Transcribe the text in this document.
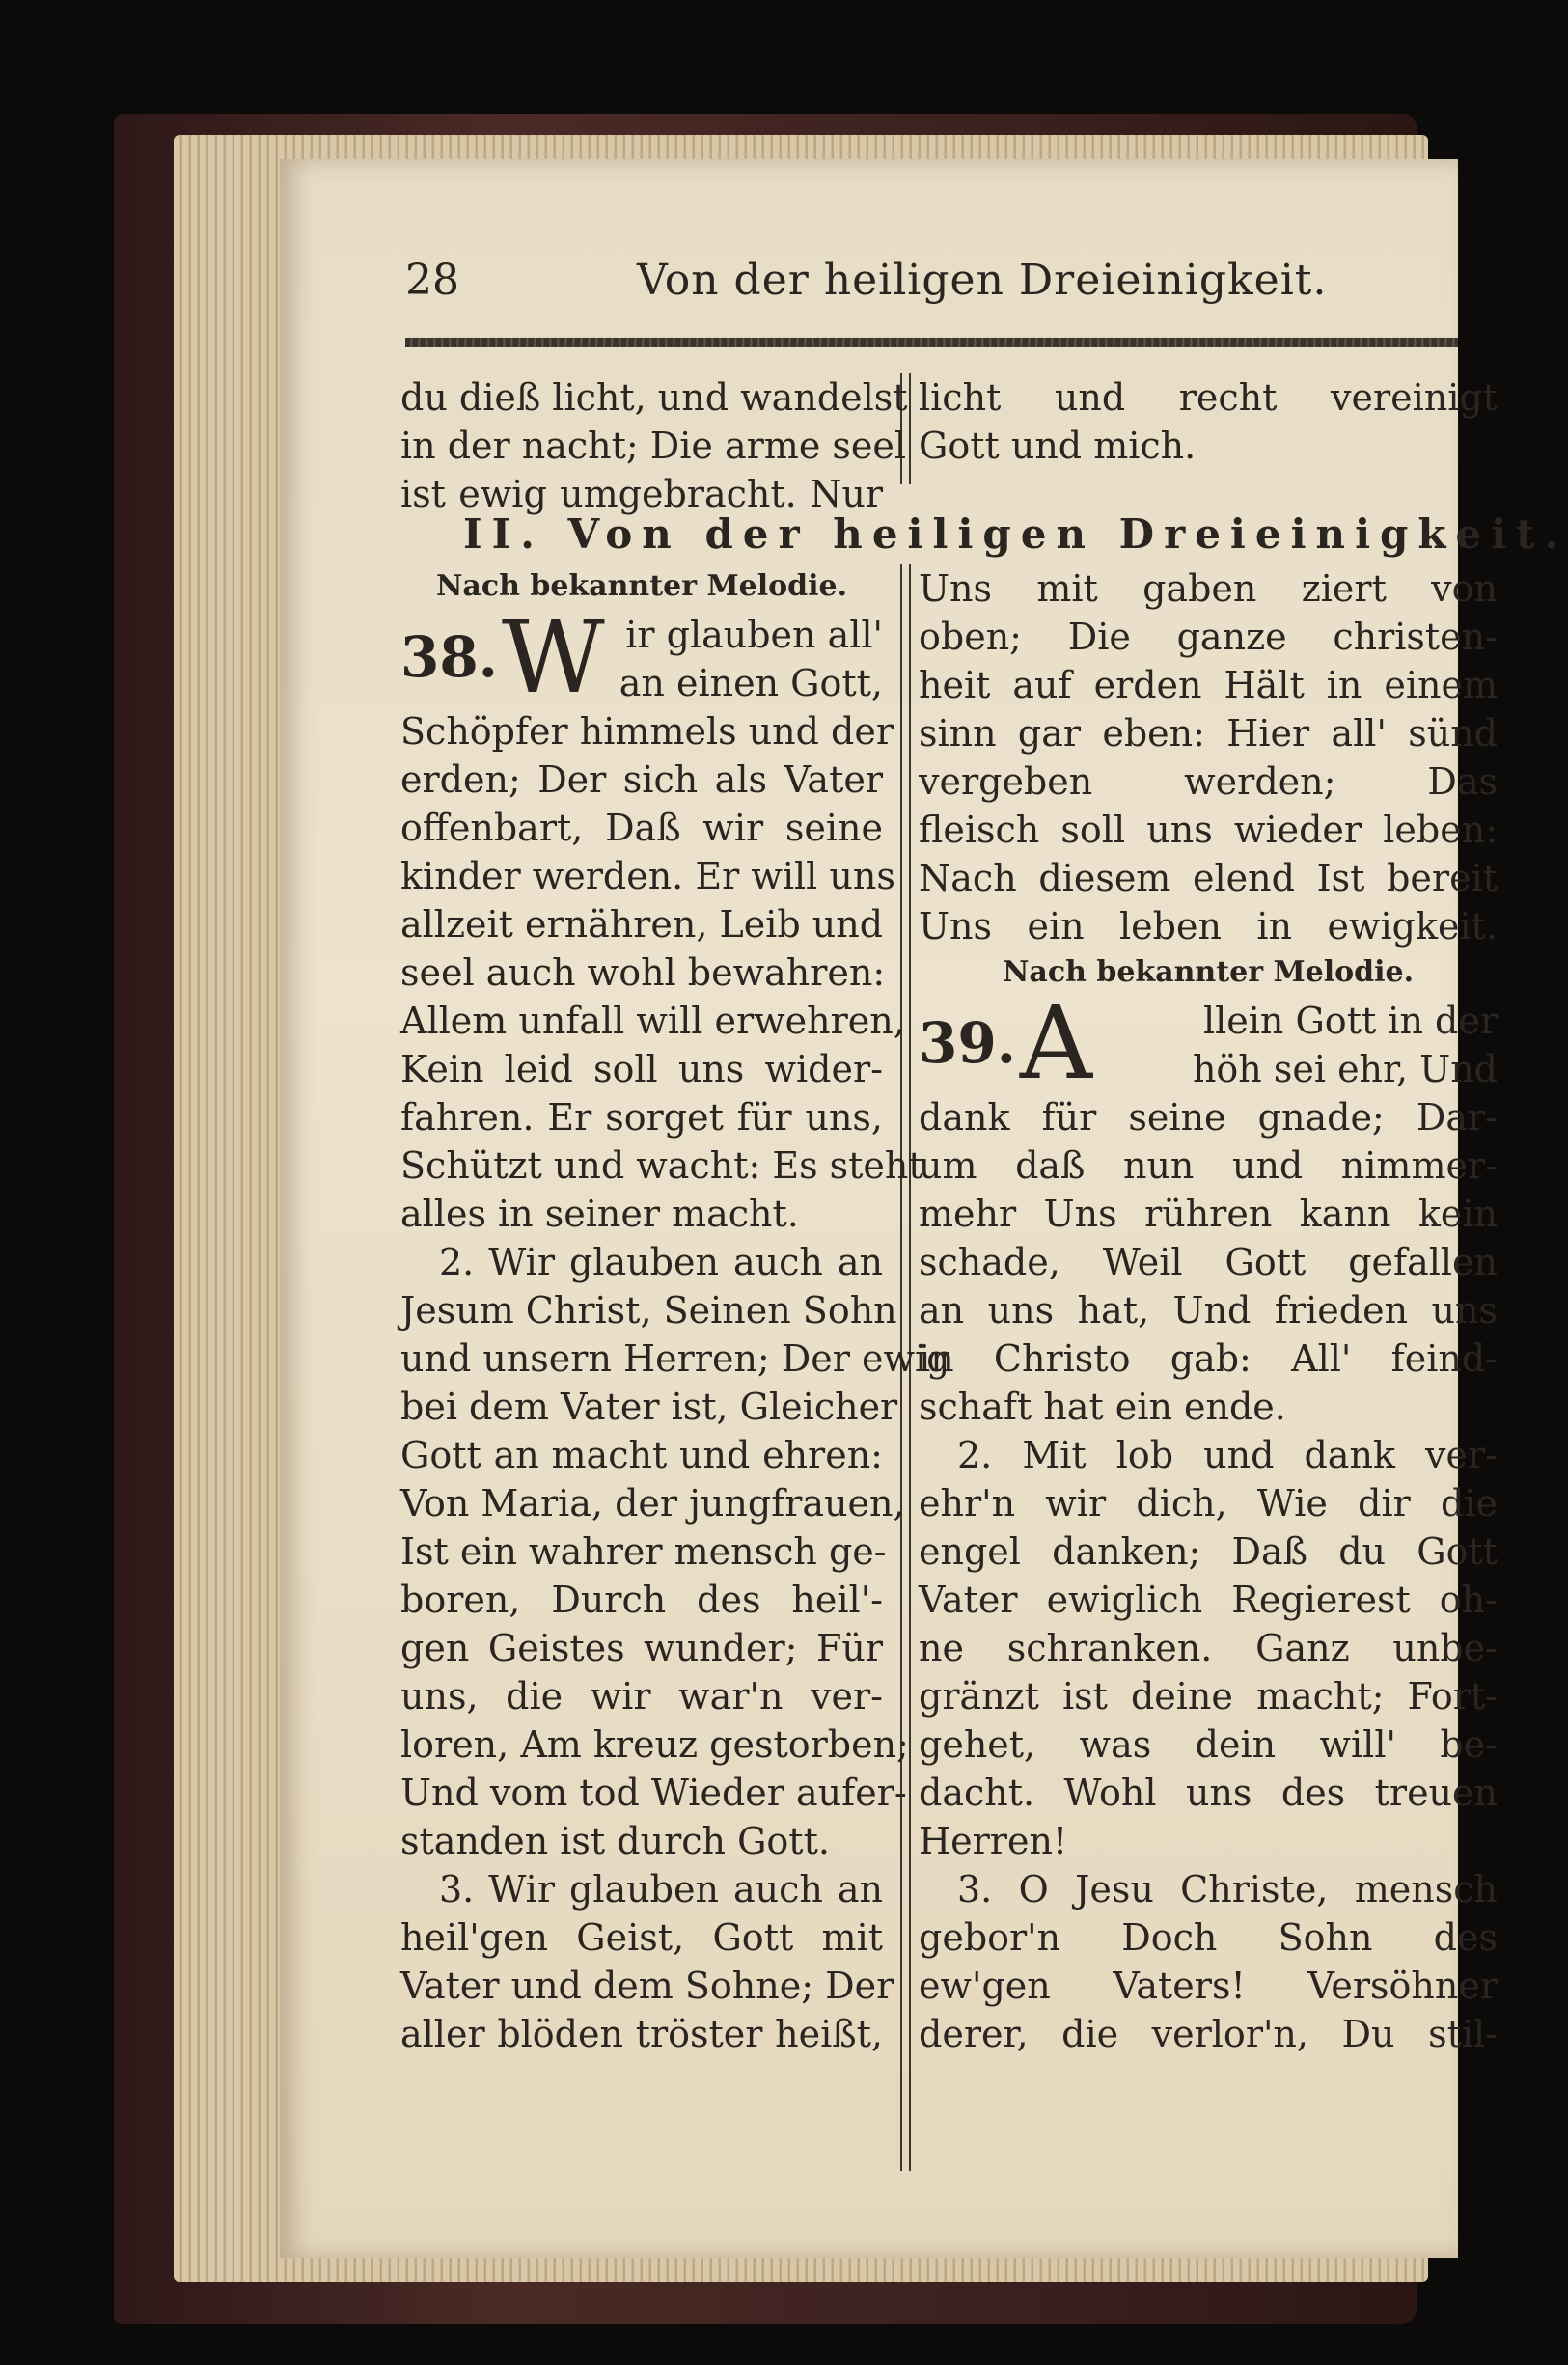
28	Von der heiligen Dreieinigkeit.
du dieß licht, und wandelst
in der nacht; Die arme seel
ist ewig umgebracht. Nur
licht und recht vereinigt
Gott und mich.
II. Von der heiligen Dreieinigkeit.
Nach bekannter Melodie.
38. W ir glauben all'
an einen Gott,
Schöpfer himmels und der
erden; Der sich als Vater
offenbart, Daß wir seine
kinder werden. Er will uns
allzeit ernähren, Leib und
seel auch wohl bewahren:
Allem unfall will erwehren,
Kein leid soll uns wider-
fahren. Er sorget für uns,
Schützt und wacht: Es steht
alles in seiner macht.
2. Wir glauben auch an
Jesum Christ, Seinen Sohn
und unsern Herren; Der ewig
bei dem Vater ist, Gleicher
Gott an macht und ehren:
Von Maria, der jungfrauen,
Ist ein wahrer mensch ge-
boren, Durch des heil'-
gen Geistes wunder; Für
uns, die wir war'n ver-
loren, Am kreuz gestorben;
Und vom tod Wieder aufer-
standen ist durch Gott.
3. Wir glauben auch an
heil'gen Geist, Gott mit
Vater und dem Sohne; Der
aller blöden tröster heißt,
Uns mit gaben ziert von
oben; Die ganze christen-
heit auf erden Hält in einem
sinn gar eben: Hier all' sünd
vergeben werden; Das
fleisch soll uns wieder leben:
Nach diesem elend Ist bereit
Uns ein leben in ewigkeit.
Nach bekannter Melodie.
39. A	llein Gott in der
höh sei ehr, Und
dank für seine gnade; Dar-
um daß nun und nimmer-
mehr Uns rühren kann kein
schade, Weil Gott gefallen
an uns hat, Und frieden uns
in Christo gab: All' feind-
schaft hat ein ende.
2. Mit lob und dank ver-
ehr'n wir dich, Wie dir die
engel danken; Daß du Gott
Vater ewiglich Regierest oh-
ne schranken. Ganz unbe-
gränzt ist deine macht; Fort-
gehet, was dein will' be-
dacht. Wohl uns des treuen
Herren!
3. O Jesu Christe, mensch
gebor'n Doch Sohn des
ew'gen Vaters! Versöhner
derer, die verlor'n, Du stil-
